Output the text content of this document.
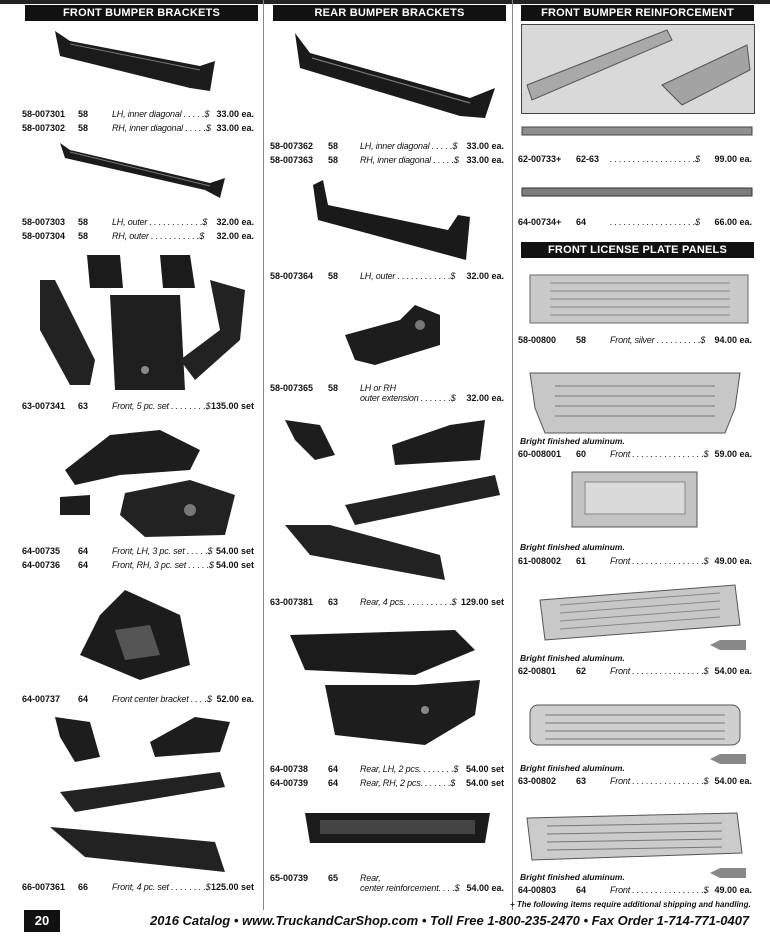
FRONT BUMPER BRACKETS	REAR BUMPER BRACKETS	FRONT BUMPER REINFORCEMENT
FRONT LICENSE PLATE PANELS
58-007301 58	LH, inner diagonal . . . . .$ 33.00 ea.
58-007302 58	RH, inner diagonal . . . . .$ 33.00 ea.
58-007303 58	LH, outer . . . . . . . . . . . .$ 32.00 ea.
58-007304 58	RH, outer . . . . . . . . . . .$ 32.00 ea.
63-007341 63	Front, 5 pc. set . . . . . . . .$ 135.00 set
64-00735 64	Front, LH, 3 pc. set . . . . .$ 54.00 set
64-00736 64	Front, RH, 3 pc. set . . . . .$ 54.00 set
64-00737 64	Front center bracket . . . .$ 52.00 ea.
66-007361 66	Front, 4 pc. set . . . . . . . .$ 125.00 set
58-007362 58 LH, inner diagonal . . . . .$ 33.00 ea.
58-007363 58 RH, inner diagonal . . . . .$ 33.00 ea.
58-007364 58 LH, outer . . . . . . . . . . . .$ 32.00 ea.
58-007365 58 LH or RH
outer extension . . . . . . .$ 32.00 ea.
63-007381 63 Rear, 4 pcs. . . . . . . . . . .$ 129.00 set
64-00738 64 Rear, LH, 2 pcs. . . . . . . .$ 54.00 set
64-00739 64 Rear, RH, 2 pcs. . . . . . .$ 54.00 set
65-00739 65 Rear,
center reinforcement. . . .$ 54.00 ea.
62-00733+ 62-63 . . . . . . . . . . . . . . . . . . .$ 99.00 ea.
64-00734+ 64	. . . . . . . . . . . . . . . . . . .$ 66.00 ea.
58-00800 58	Front, silver . . . . . . . . . .$ 94.00 ea.
Bright finished aluminum.
60-008001 60	Front . . . . . . . . . . . . . . . .$ 59.00 ea.
Bright finished aluminum.
61-008002 61	Front . . . . . . . . . . . . . . . .$ 49.00 ea.
Bright finished aluminum.
62-00801 62	Front . . . . . . . . . . . . . . . .$ 54.00 ea.
Bright finished aluminum.
63-00802 63	Front . . . . . . . . . . . . . . . .$ 54.00 ea.
Bright finished aluminum.
64-00803 64	Front . . . . . . . . . . . . . . . .$ 49.00 ea.
+ The following items require additional shipping and handling.
20	2016 Catalog • www.TruckandCarShop.com • Toll Free 1-800-235-2470 • Fax Order 1-714-771-0407
